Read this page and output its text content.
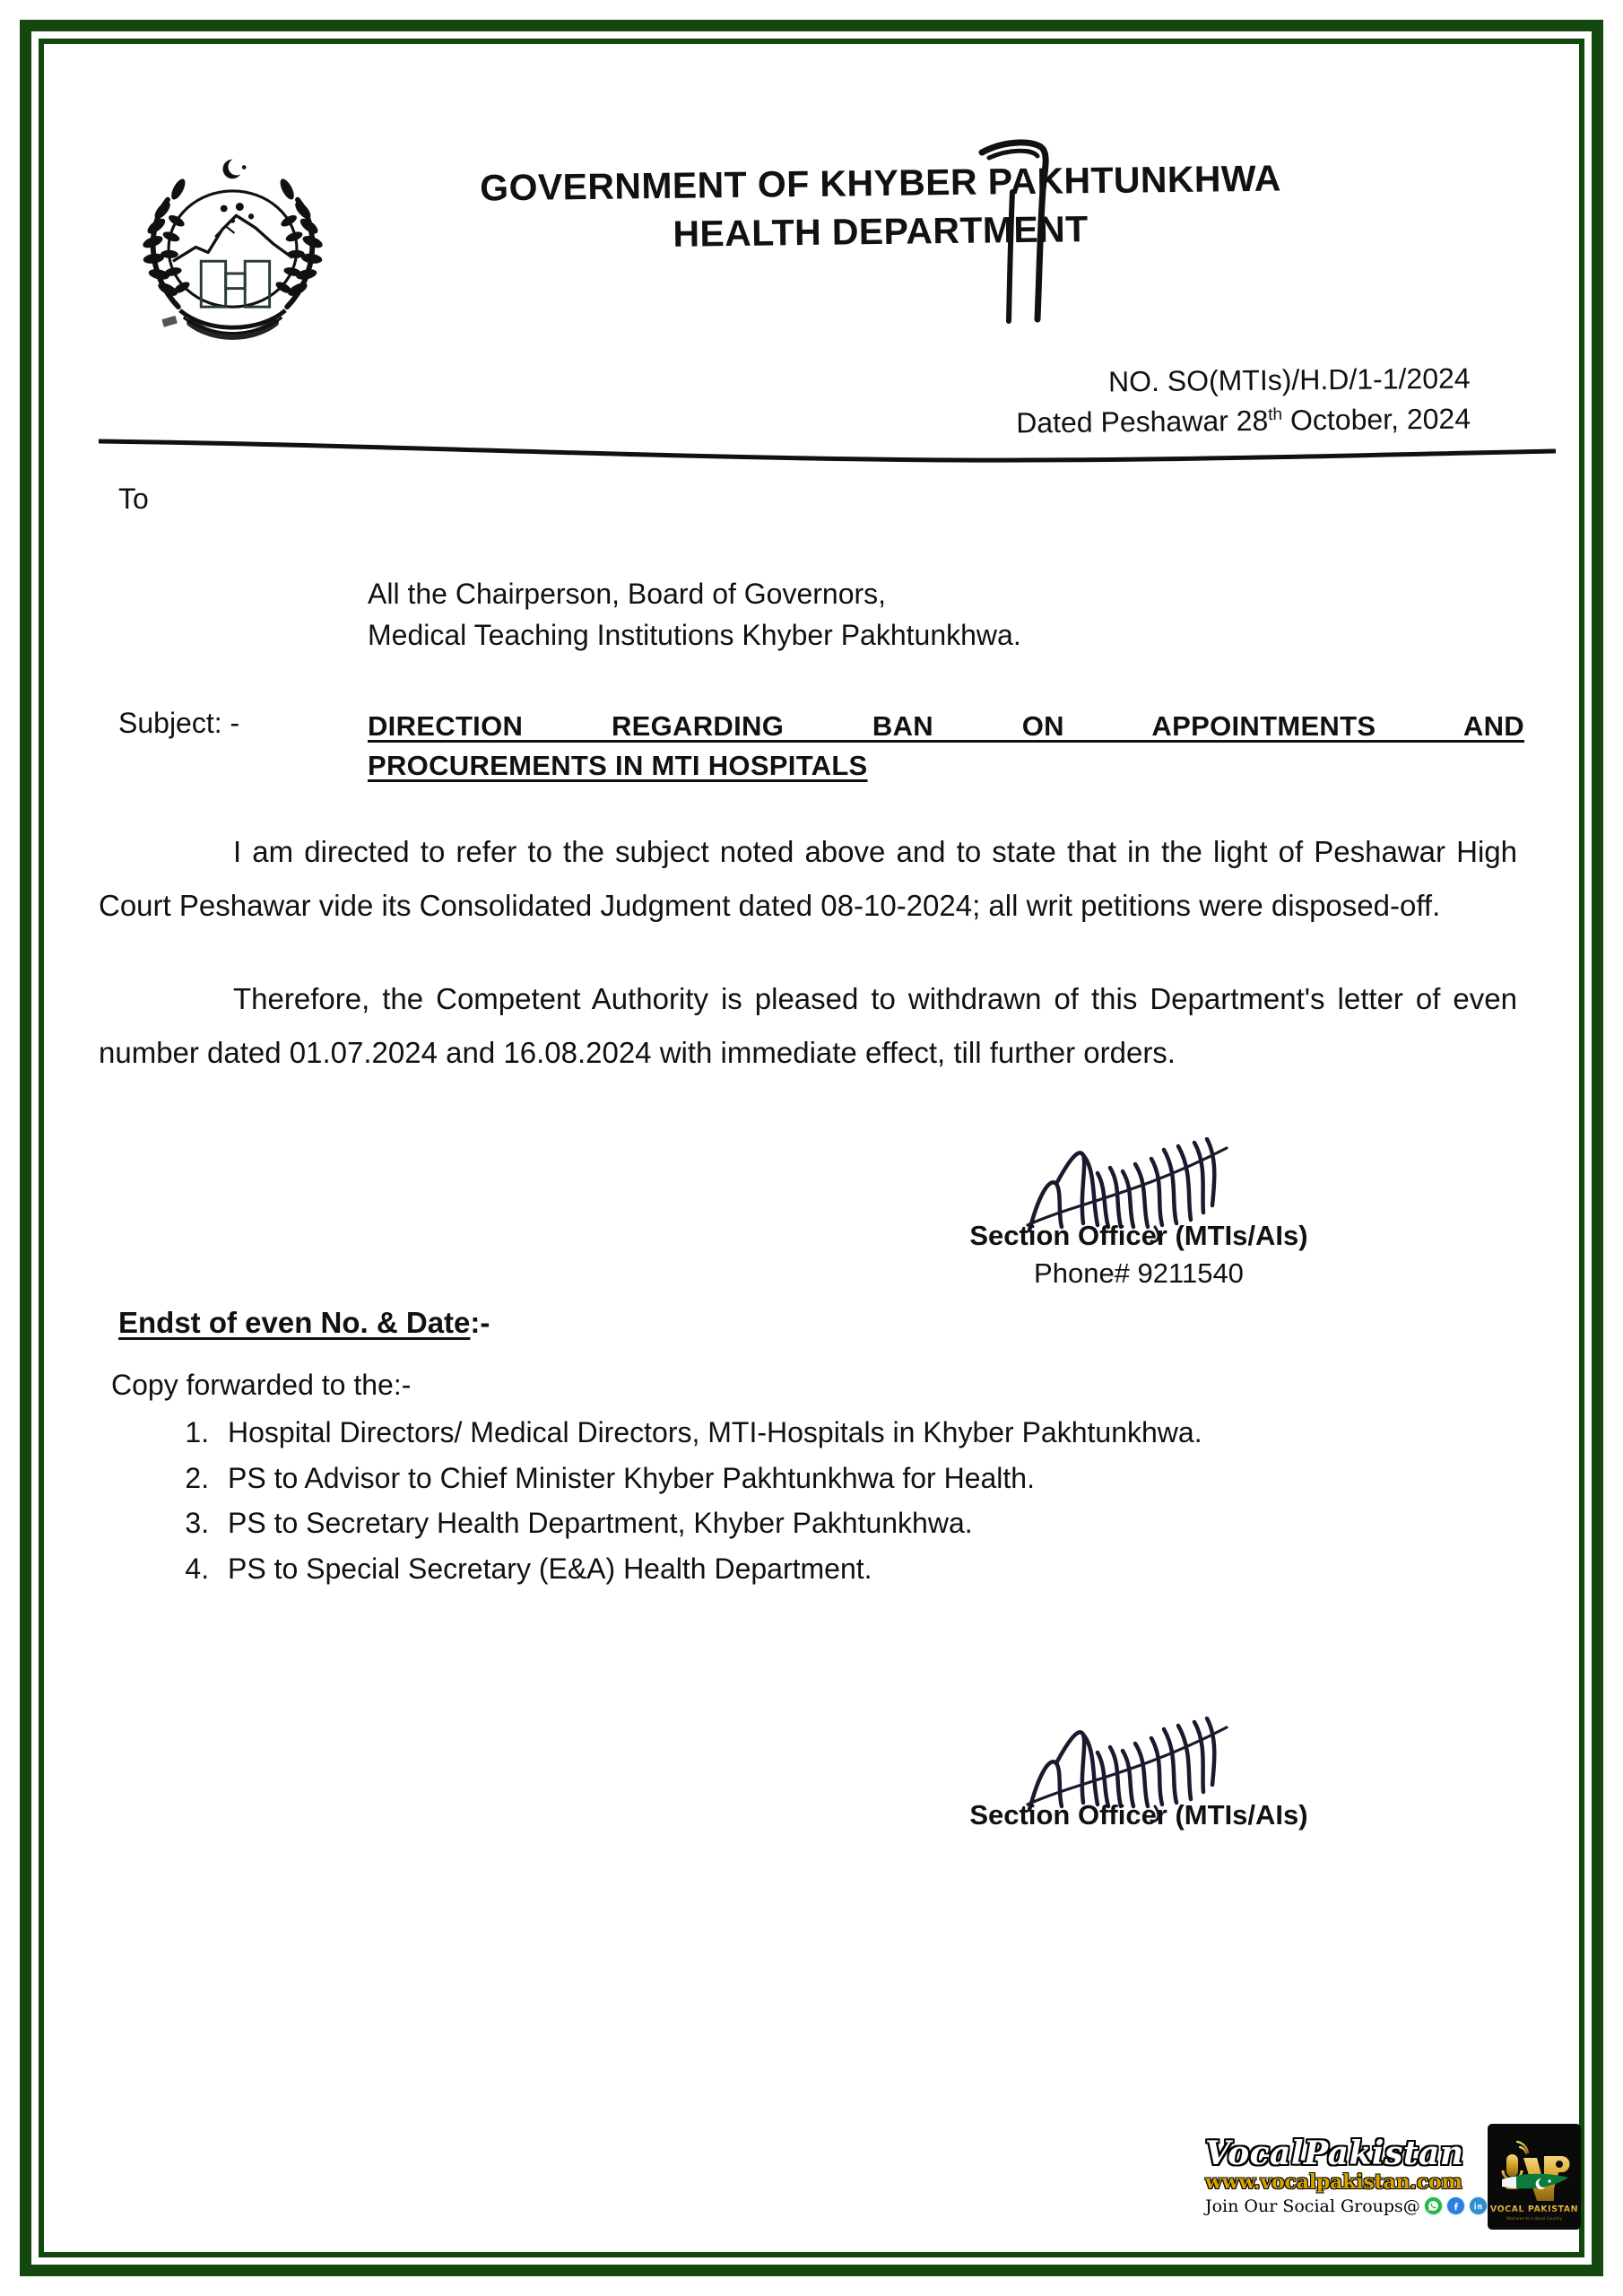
GOVERNMENT OF KHYBER PAKHTUNKHWA
HEALTH DEPARTMENT
NO. SO(MTIs)/H.D/1-1/2024
Dated Peshawar 28th October, 2024
To
All the Chairperson, Board of Governors,
Medical Teaching Institutions Khyber Pakhtunkhwa.
Subject: -	DIRECTION REGARDING BAN ON APPOINTMENTS AND
PROCUREMENTS IN MTI HOSPITALS
I am directed to refer to the subject noted above and to state that in the light of Peshawar High Court Peshawar vide its Consolidated Judgment dated 08-10-2024; all writ petitions were disposed-off.
Therefore, the Competent Authority is pleased to withdrawn of this Department's letter of even number dated 01.07.2024 and 16.08.2024 with immediate effect, till further orders.
Section Officer (MTIs/AIs)
Phone# 9211540
Endst of even No. & Date:-
Copy forwarded to the:-
1. Hospital Directors/ Medical Directors, MTI-Hospitals in Khyber Pakhtunkhwa.
2. PS to Advisor to Chief Minister Khyber Pakhtunkhwa for Health.
3. PS to Secretary Health Department, Khyber Pakhtunkhwa.
4. PS to Special Secretary (E&A) Health Department.
Section Officer (MTIs/AIs)
VocalPakistan
www.vocalpakistan.com
Join Our Social Groups@	VOCAL PAKISTAN
Welcome to a Vocal Country
